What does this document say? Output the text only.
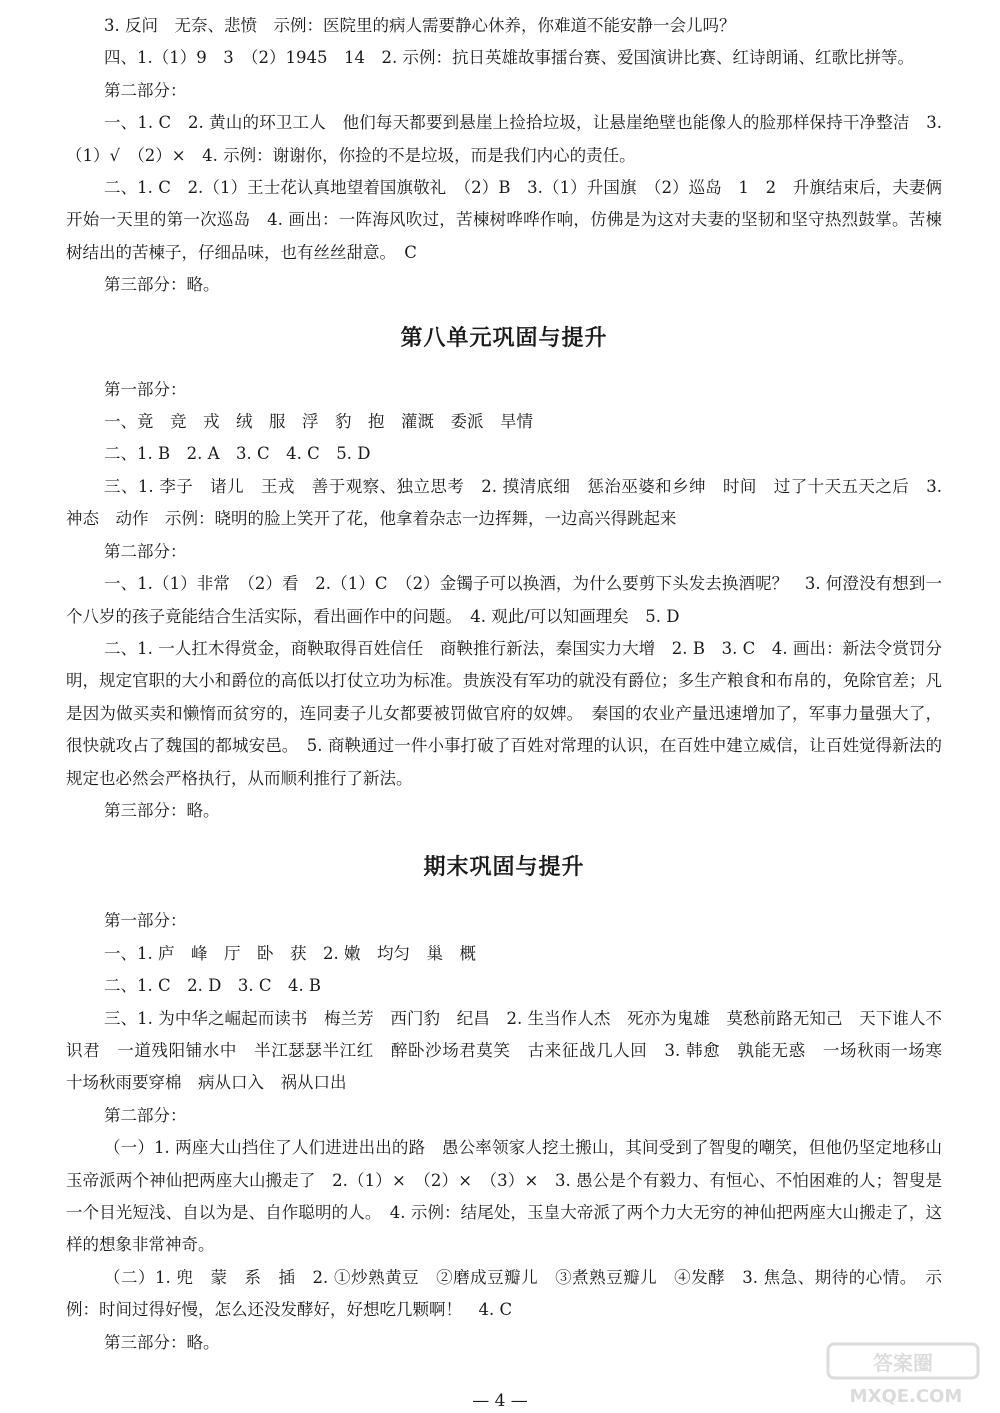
3. 反问　无奈、悲愤　示例：医院里的病人需要静心休养，你难道不能安静一会儿吗？

四、1.（1）9　3　（2）1945　14　2. 示例：抗日英雄故事擂台赛、爱国演讲比赛、红诗朗诵、红歌比拼等。

第二部分：

一、1. C　2. 黄山的环卫工人　他们每天都要到悬崖上捡拾垃圾，让悬崖绝壁也能像人的脸那样保持干净整洁　3.（1）√　（2）×　4. 示例：谢谢你，你捡的不是垃圾，而是我们内心的责任。

二、1. C　2.（1）王士花认真地望着国旗敬礼　（2）B　3.（1）升国旗　（2）巡岛　1　2　升旗结束后，夫妻俩开始一天里的第一次巡岛　4. 画出：一阵海风吹过，苦楝树哗哗作响，仿佛是为这对夫妻的坚韧和坚守热烈鼓掌。苦楝树结出的苦楝子，仔细品味，也有丝丝甜意。　C

第三部分：略。

第八单元巩固与提升

第一部分：

一、竟　竞　戎　绒　服　浮　豹　抱　灌溉　委派　旱情

二、1. B　2. A　3. C　4. C　5. D

三、1. 李子　诸儿　王戎　善于观察、独立思考　2. 摸清底细　惩治巫婆和乡绅　时间　过了十天五天之后　3. 神态　动作　示例：晓明的脸上笑开了花，他拿着杂志一边挥舞，一边高兴得跳起来

第二部分：

一、1.（1）非常　（2）看　2.（1）C　（2）金镯子可以换酒，为什么要剪下头发去换酒呢？　3. 何澄没有想到一个八岁的孩子竟能结合生活实际，看出画作中的问题。　4. 观此/可以知画理矣　5. D

二、1. 一人扛木得赏金，商鞅取得百姓信任　商鞅推行新法，秦国实力大增　2. B　3. C　4. 画出：新法令赏罚分明，规定官职的大小和爵位的高低以打仗立功为标准。贵族没有军功的就没有爵位；多生产粮食和布帛的，免除官差；凡是因为做买卖和懒惰而贫穷的，连同妻子儿女都要被罚做官府的奴婢。　秦国的农业产量迅速增加了，军事力量强大了，很快就攻占了魏国的都城安邑。　5. 商鞅通过一件小事打破了百姓对常理的认识，在百姓中建立威信，让百姓觉得新法的规定也必然会严格执行，从而顺利推行了新法。

第三部分：略。

期末巩固与提升

第一部分：

一、1. 庐　峰　厅　卧　获　2. 嫩　均匀　巢　概

二、1. C　2. D　3. C　4. B

三、1. 为中华之崛起而读书　梅兰芳　西门豹　纪昌　2. 生当作人杰　死亦为鬼雄　莫愁前路无知己　天下谁人不识君　一道残阳铺水中　半江瑟瑟半江红　醉卧沙场君莫笑　古来征战几人回　3. 韩愈　孰能无惑　一场秋雨一场寒　十场秋雨要穿棉　病从口入　祸从口出

第二部分：

（一）1. 两座大山挡住了人们进进出出的路　愚公率领家人挖土搬山，其间受到了智叟的嘲笑，但他仍坚定地移山　玉帝派两个神仙把两座大山搬走了　2.（1）×　（2）×　（3）×　3. 愚公是个有毅力、有恒心、不怕困难的人；智叟是一个目光短浅、自以为是、自作聪明的人。　4. 示例：结尾处，玉皇大帝派了两个力大无穷的神仙把两座大山搬走了，这样的想象非常神奇。

（二）1. 兜　蒙　系　插　2. ①炒熟黄豆　②磨成豆瓣儿　③煮熟豆瓣儿　④发酵　3. 焦急、期待的心情。　示例：时间过得好慢，怎么还没发酵好，好想吃几颗啊！　4. C

第三部分：略。

— 4 —
答案圈
MXQE.COM
